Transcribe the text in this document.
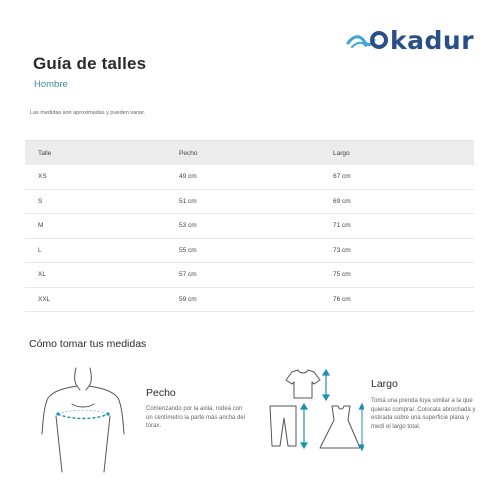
kadur
Guía de talles
Hombre
Las medidas son aproximadas y pueden variar.
Talle	Pecho	Largo
XS	49 cm	67 cm
S	51 cm	69 cm
M	53 cm	71 cm
L	55 cm	73 cm
XL	57 cm	75 cm
XXL	59 cm	76 cm
Cómo tomar tus medidas
Pecho
Comenzando por la axila, rodeá con un centímetro la parte más ancha del tórax.
Largo
Tomá una prenda tuya similar a la que quieras comprar. Colocala abrochada y estirada sobre una superficie plana y medí el largo total.
